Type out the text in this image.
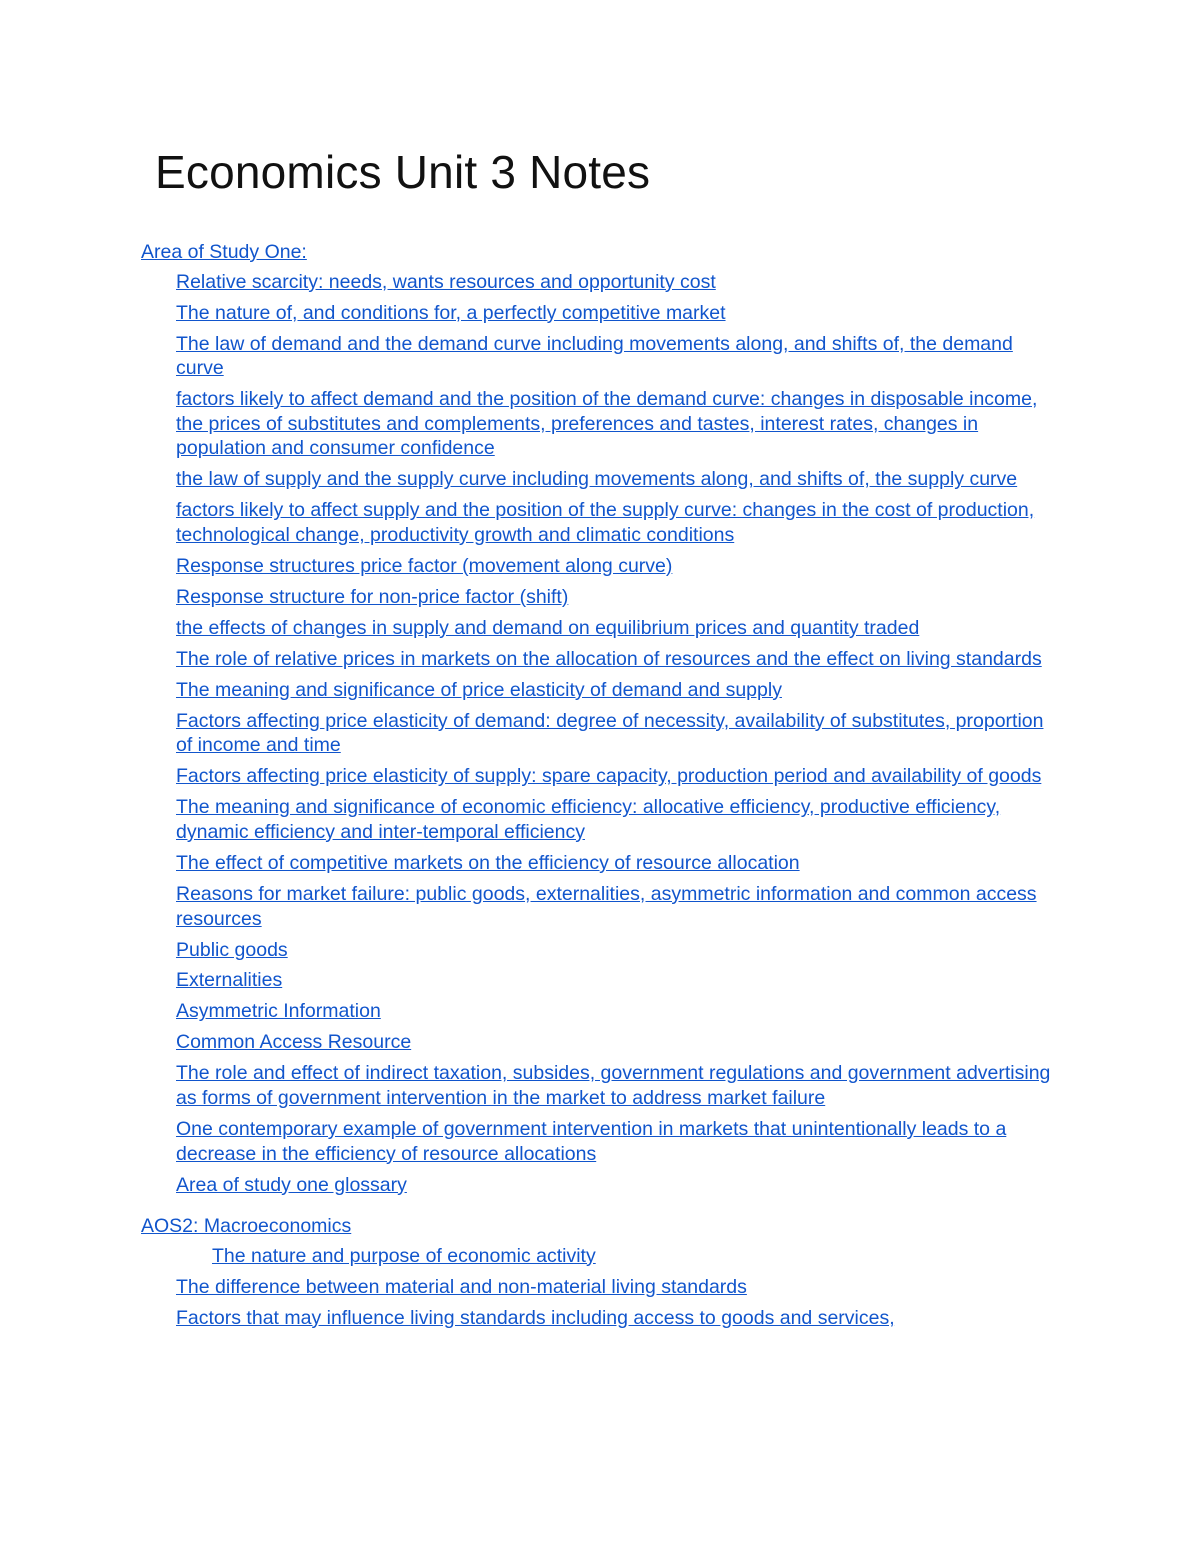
Economics Unit 3 Notes
Area of Study One:
Relative scarcity: needs, wants resources and opportunity cost
The nature of, and conditions for, a perfectly competitive market
The law of demand and the demand curve including movements along, and shifts of, the demand curve
factors likely to affect demand and the position of the demand curve: changes in disposable income, the prices of substitutes and complements, preferences and tastes, interest rates, changes in population and consumer confidence
the law of supply and the supply curve including movements along, and shifts of, the supply curve
factors likely to affect supply and the position of the supply curve: changes in the cost of production, technological change, productivity growth and climatic conditions
Response structures price factor (movement along curve)
Response structure for non-price factor (shift)
the effects of changes in supply and demand on equilibrium prices and quantity traded
The role of relative prices in markets on the allocation of resources and the effect on living standards
The meaning and significance of price elasticity of demand and supply
Factors affecting price elasticity of demand: degree of necessity, availability of substitutes, proportion of income and time
Factors affecting price elasticity of supply: spare capacity, production period and availability of goods
The meaning and significance of economic efficiency: allocative efficiency, productive efficiency, dynamic efficiency and inter-temporal efficiency
The effect of competitive markets on the efficiency of resource allocation
Reasons for market failure: public goods, externalities, asymmetric information and common access resources
Public goods
Externalities
Asymmetric Information
Common Access Resource
The role and effect of indirect taxation, subsides, government regulations and government advertising as forms of government intervention in the market to address market failure
One contemporary example of government intervention in markets that unintentionally leads to a decrease in the efficiency of resource allocations
Area of study one glossary
AOS2: Macroeconomics
The nature and purpose of economic activity
The difference between material and non-material living standards
Factors that may influence living standards including access to goods and services,
